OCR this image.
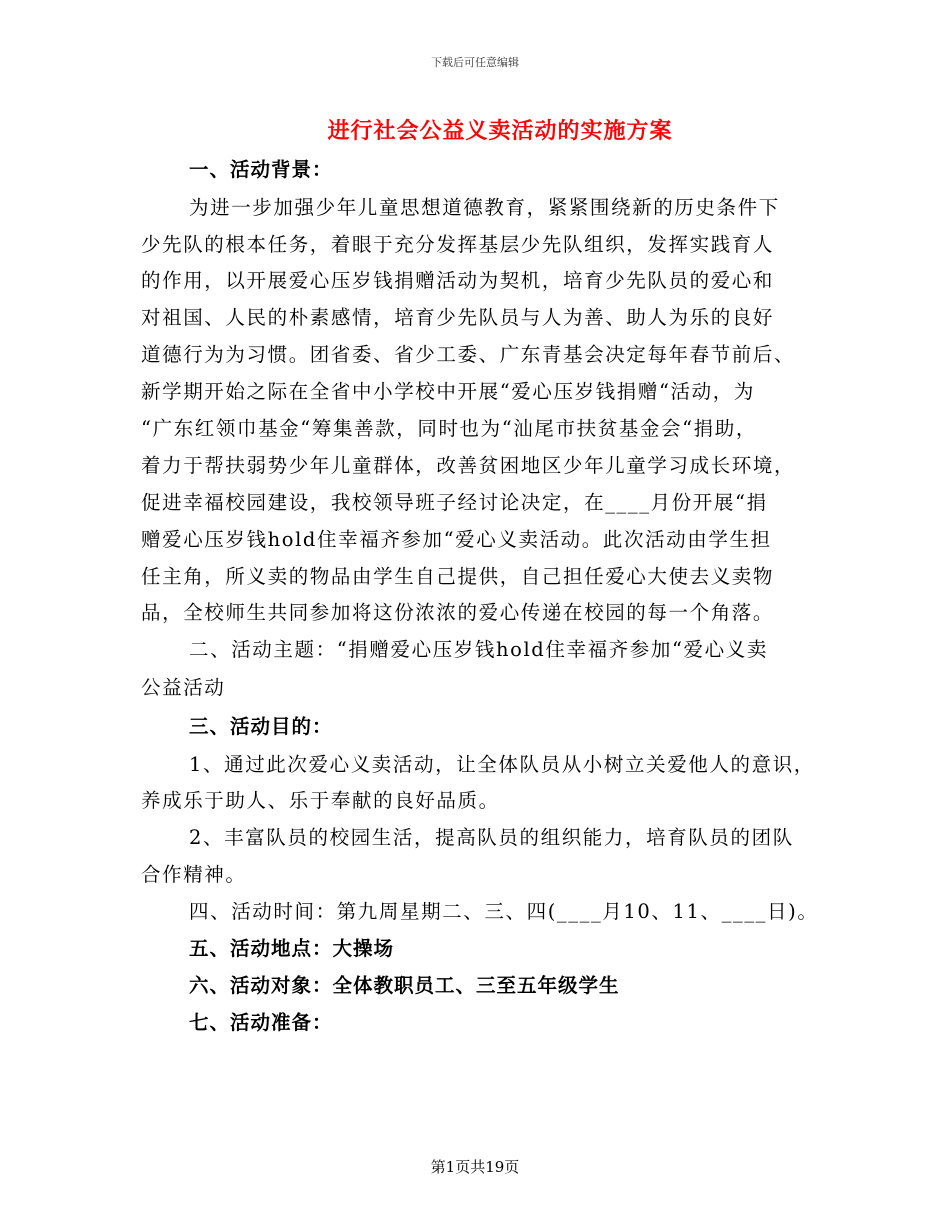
下载后可任意编辑
进行社会公益义卖活动的实施方案
一、活动背景：
为进一步加强少年儿童思想道德教育，紧紧围绕新的历史条件下
少先队的根本任务，着眼于充分发挥基层少先队组织，发挥实践育人
的作用，以开展爱心压岁钱捐赠活动为契机，培育少先队员的爱心和
对祖国、人民的朴素感情，培育少先队员与人为善、助人为乐的良好
道德行为为习惯。团省委、省少工委、广东青基会决定每年春节前后、
新学期开始之际在全省中小学校中开展“爱心压岁钱捐赠“活动，为
“广东红领巾基金“筹集善款，同时也为“汕尾市扶贫基金会“捐助，
着力于帮扶弱势少年儿童群体，改善贫困地区少年儿童学习成长环境，
促进幸福校园建设，我校领导班子经讨论决定，在____月份开展“捐
赠爱心压岁钱hold住幸福齐参加“爱心义卖活动。此次活动由学生担
任主角，所义卖的物品由学生自己提供，自己担任爱心大使去义卖物
品，全校师生共同参加将这份浓浓的爱心传递在校园的每一个角落。
二、活动主题：“捐赠爱心压岁钱hold住幸福齐参加“爱心义卖
公益活动
三、活动目的：
1、通过此次爱心义卖活动，让全体队员从小树立关爱他人的意识，
养成乐于助人、乐于奉献的良好品质。
2、丰富队员的校园生活，提高队员的组织能力，培育队员的团队
合作精神。
四、活动时间：第九周星期二、三、四(____月10、11、____日)。
五、活动地点：大操场
六、活动对象：全体教职员工、三至五年级学生
七、活动准备：
第1页共19页
